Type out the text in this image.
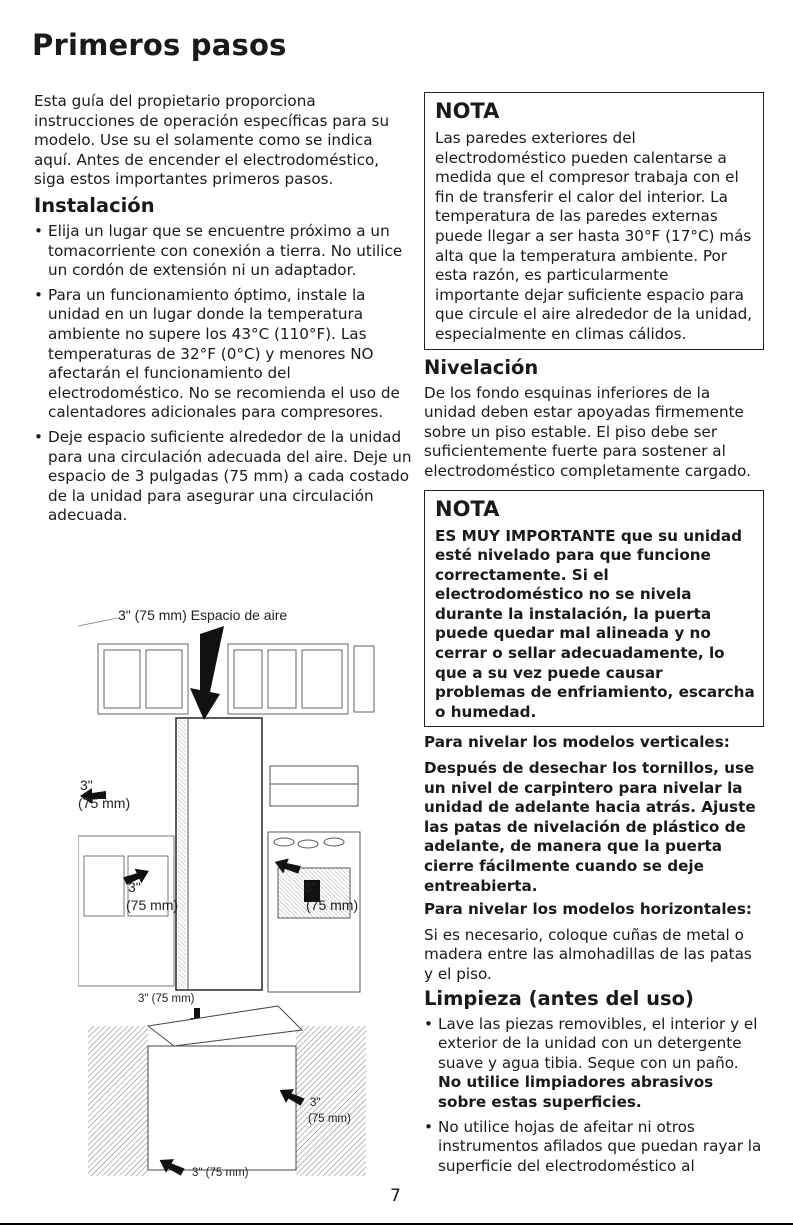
Primeros pasos

Esta guía del propietario proporciona instrucciones de operación específicas para su modelo. Use su el solamente como se indica aquí. Antes de encender el electrodoméstico, siga estos importantes primeros pasos.

Instalación
• Elija un lugar que se encuentre próximo a un tomacorriente con conexión a tierra. No utilice un cordón de extensión ni un adaptador.
• Para un funcionamiento óptimo, instale la unidad en un lugar donde la temperatura ambiente no supere los 43°C (110°F). Las temperaturas de 32°F (0°C) y menores NO afectarán el funcionamiento del electrodoméstico. No se recomienda el uso de calentadores adicionales para compresores.
• Deje espacio suficiente alrededor de la unidad para una circulación adecuada del aire. Deje un espacio de 3 pulgadas (75 mm) a cada costado de la unidad para asegurar una circulación adecuada.
3" (75 mm) Espacio de aire
3"
(75 mm)
3"
(75 mm)
3"
(75 mm)
3" (75 mm)
3"
(75 mm)
3" (75 mm)
NOTA

Las paredes exteriores del electrodoméstico pueden calentarse a medida que el compresor trabaja con el fin de transferir el calor del interior. La temperatura de las paredes externas puede llegar a ser hasta 30°F (17°C) más alta que la temperatura ambiente. Por esta razón, es particularmente importante dejar suficiente espacio para que circule el aire alrededor de la unidad, especialmente en climas cálidos.

Nivelación

De los fondo esquinas inferiores de la unidad deben estar apoyadas firmemente sobre un piso estable. El piso debe ser suficientemente fuerte para sostener al electrodoméstico completamente cargado.

NOTA

ES MUY IMPORTANTE que su unidad esté nivelado para que funcione correctamente. Si el electrodoméstico no se nivela durante la instalación, la puerta puede quedar mal alineada y no cerrar o sellar adecuadamente, lo que a su vez puede causar problemas de enfriamiento, escarcha o humedad.

Para nivelar los modelos verticales:

Después de desechar los tornillos, use un nivel de carpintero para nivelar la unidad de adelante hacia atrás. Ajuste las patas de nivelación de plástico de adelante, de manera que la puerta cierre fácilmente cuando se deje entreabierta.

Para nivelar los modelos horizontales:

Si es necesario, coloque cuñas de metal o madera entre las almohadillas de las patas y el piso.

Limpieza (antes del uso)
• Lave las piezas removibles, el interior y el exterior de la unidad con un detergente suave y agua tibia. Seque con un paño. No utilice limpiadores abrasivos sobre estas superficies.
• No utilice hojas de afeitar ni otros instrumentos afilados que puedan rayar la superficie del electrodoméstico al
7
